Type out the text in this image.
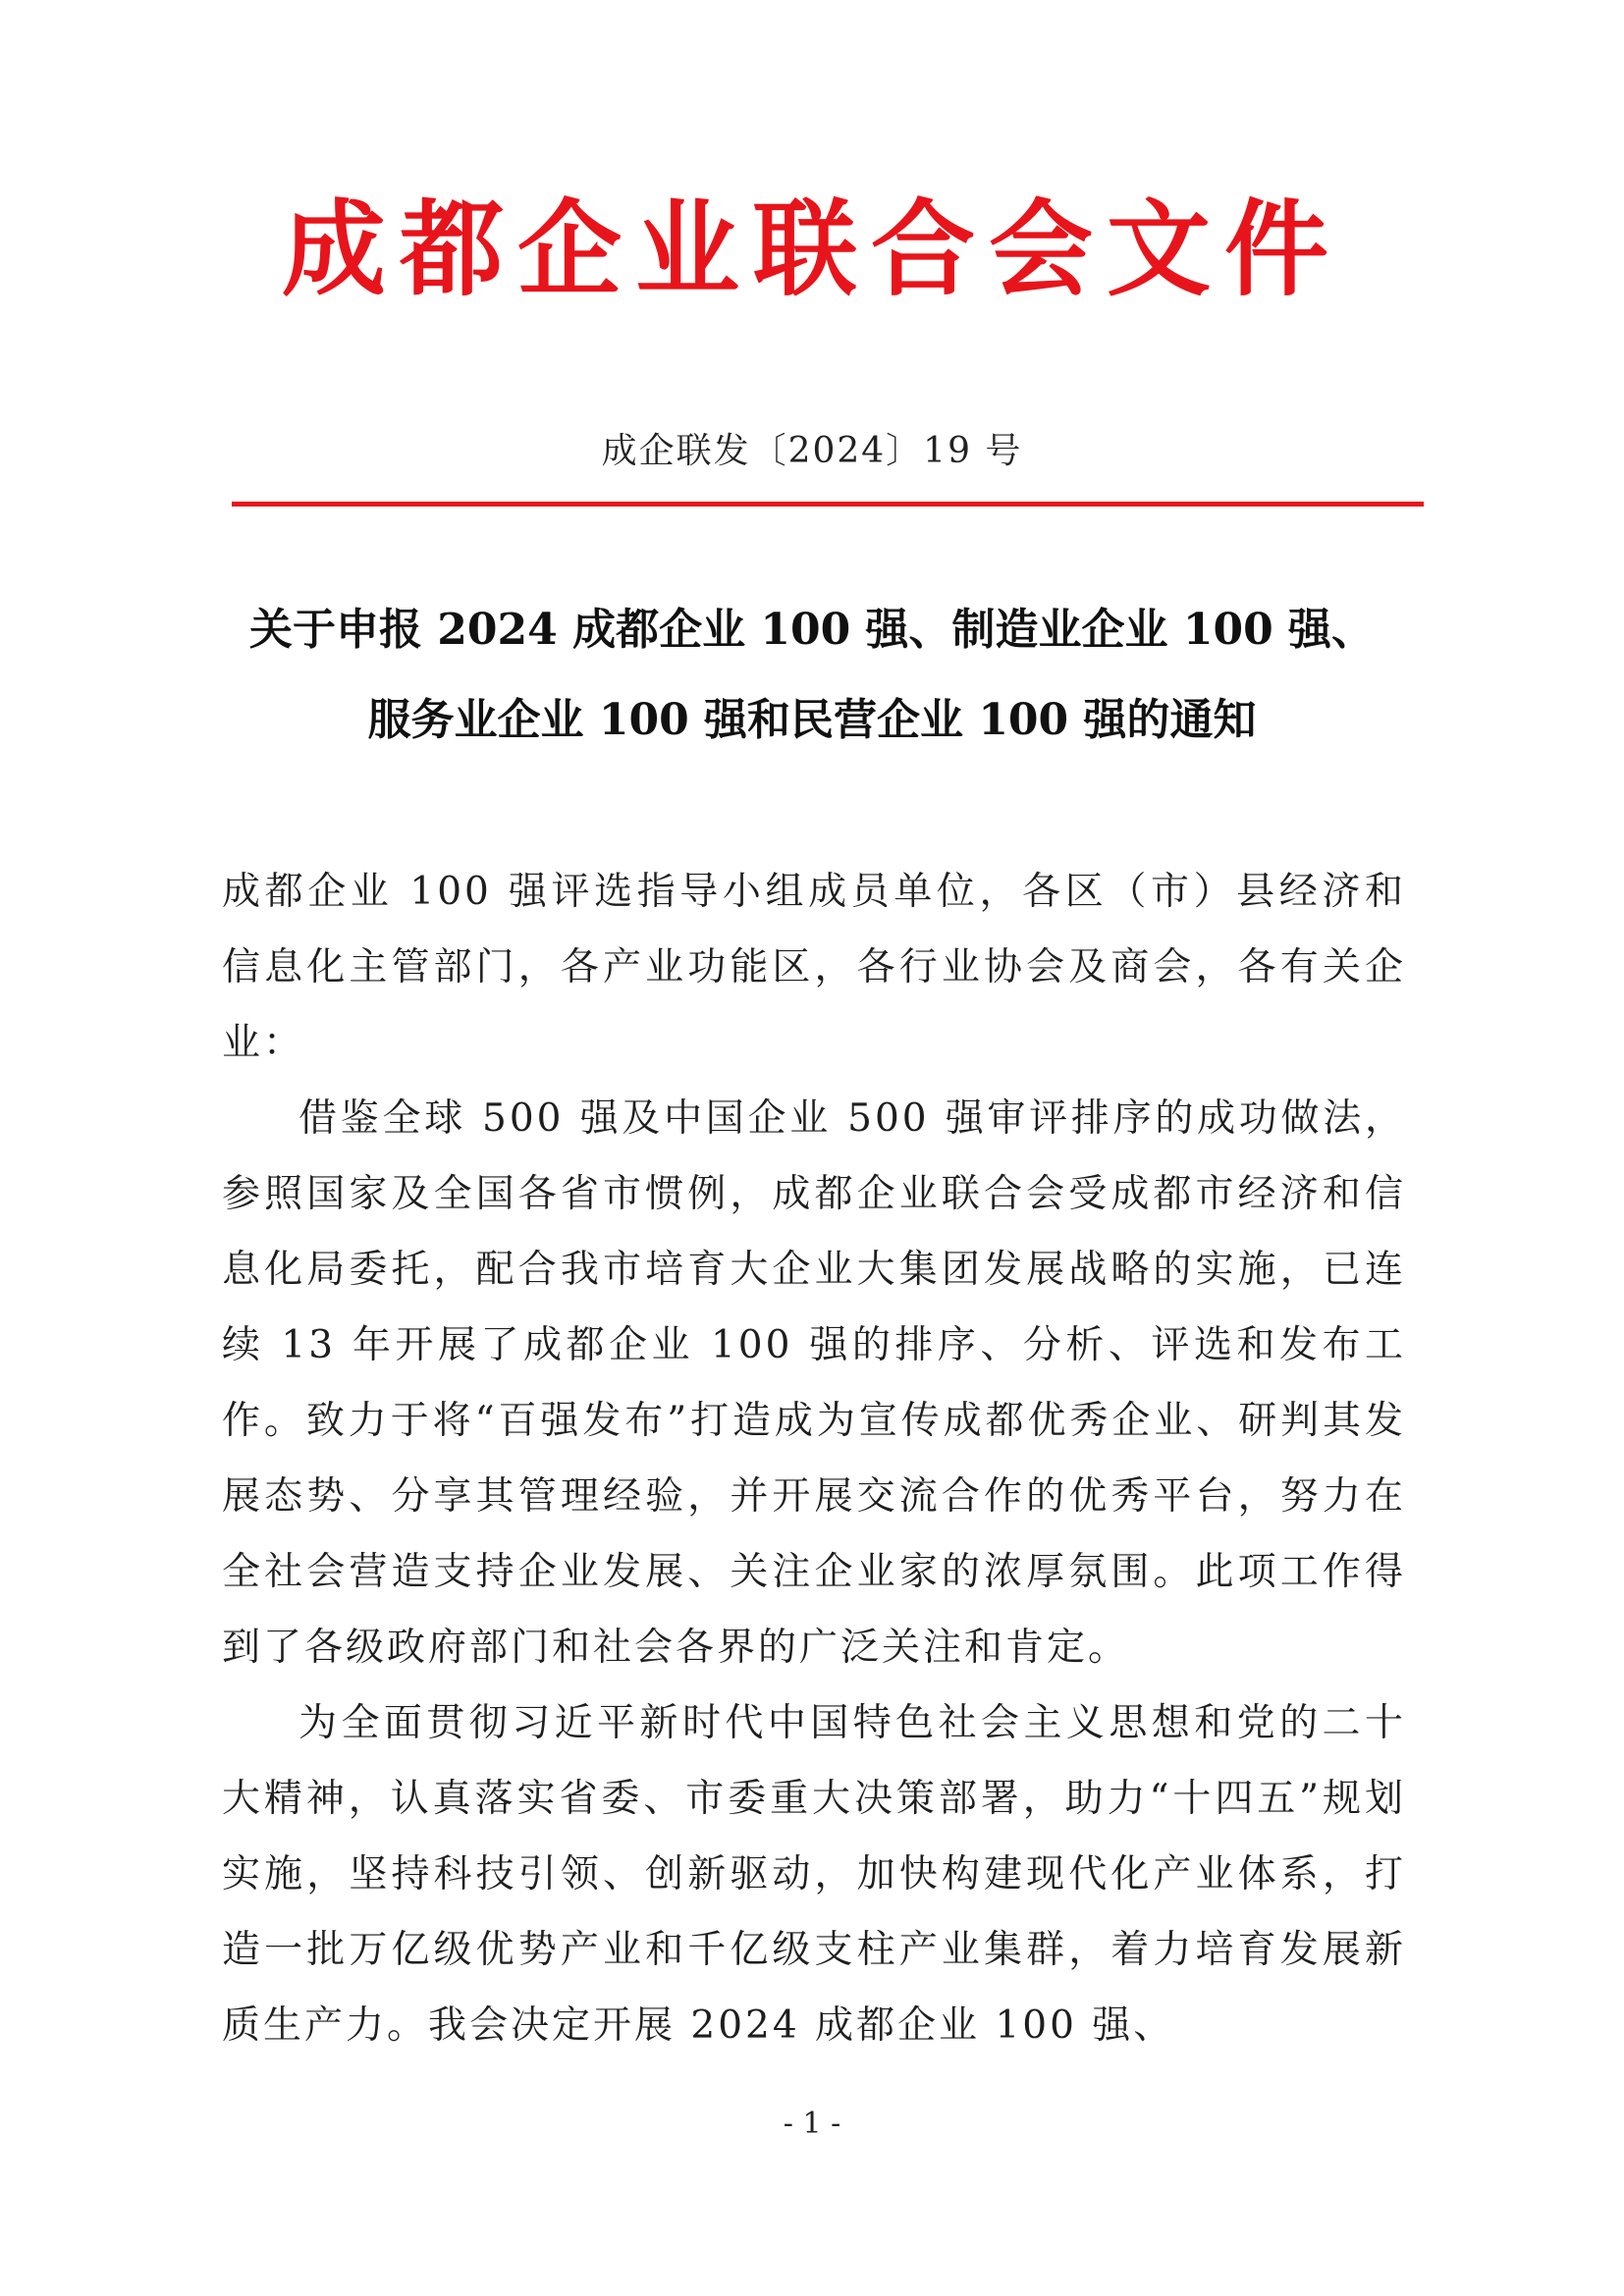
成都企业联合会文件
成企联发〔2024〕19 号
关于申报 2024 成都企业 100 强、制造业企业 100 强、
服务业企业 100 强和民营企业 100 强的通知

成都企业 100 强评选指导小组成员单位，各区（市）县经济和信息化主管部门，各产业功能区，各行业协会及商会，各有关企业：

借鉴全球 500 强及中国企业 500 强审评排序的成功做法，参照国家及全国各省市惯例，成都企业联合会受成都市经济和信息化局委托，配合我市培育大企业大集团发展战略的实施，已连续 13 年开展了成都企业 100 强的排序、分析、评选和发布工作。致力于将“百强发布”打造成为宣传成都优秀企业、研判其发展态势、分享其管理经验，并开展交流合作的优秀平台，努力在全社会营造支持企业发展、关注企业家的浓厚氛围。此项工作得到了各级政府部门和社会各界的广泛关注和肯定。

为全面贯彻习近平新时代中国特色社会主义思想和党的二十大精神，认真落实省委、市委重大决策部署，助力“十四五”规划实施，坚持科技引领、创新驱动，加快构建现代化产业体系，打造一批万亿级优势产业和千亿级支柱产业集群，着力培育发展新质生产力。我会决定开展 2024 成都企业 100 强、

- 1 -
